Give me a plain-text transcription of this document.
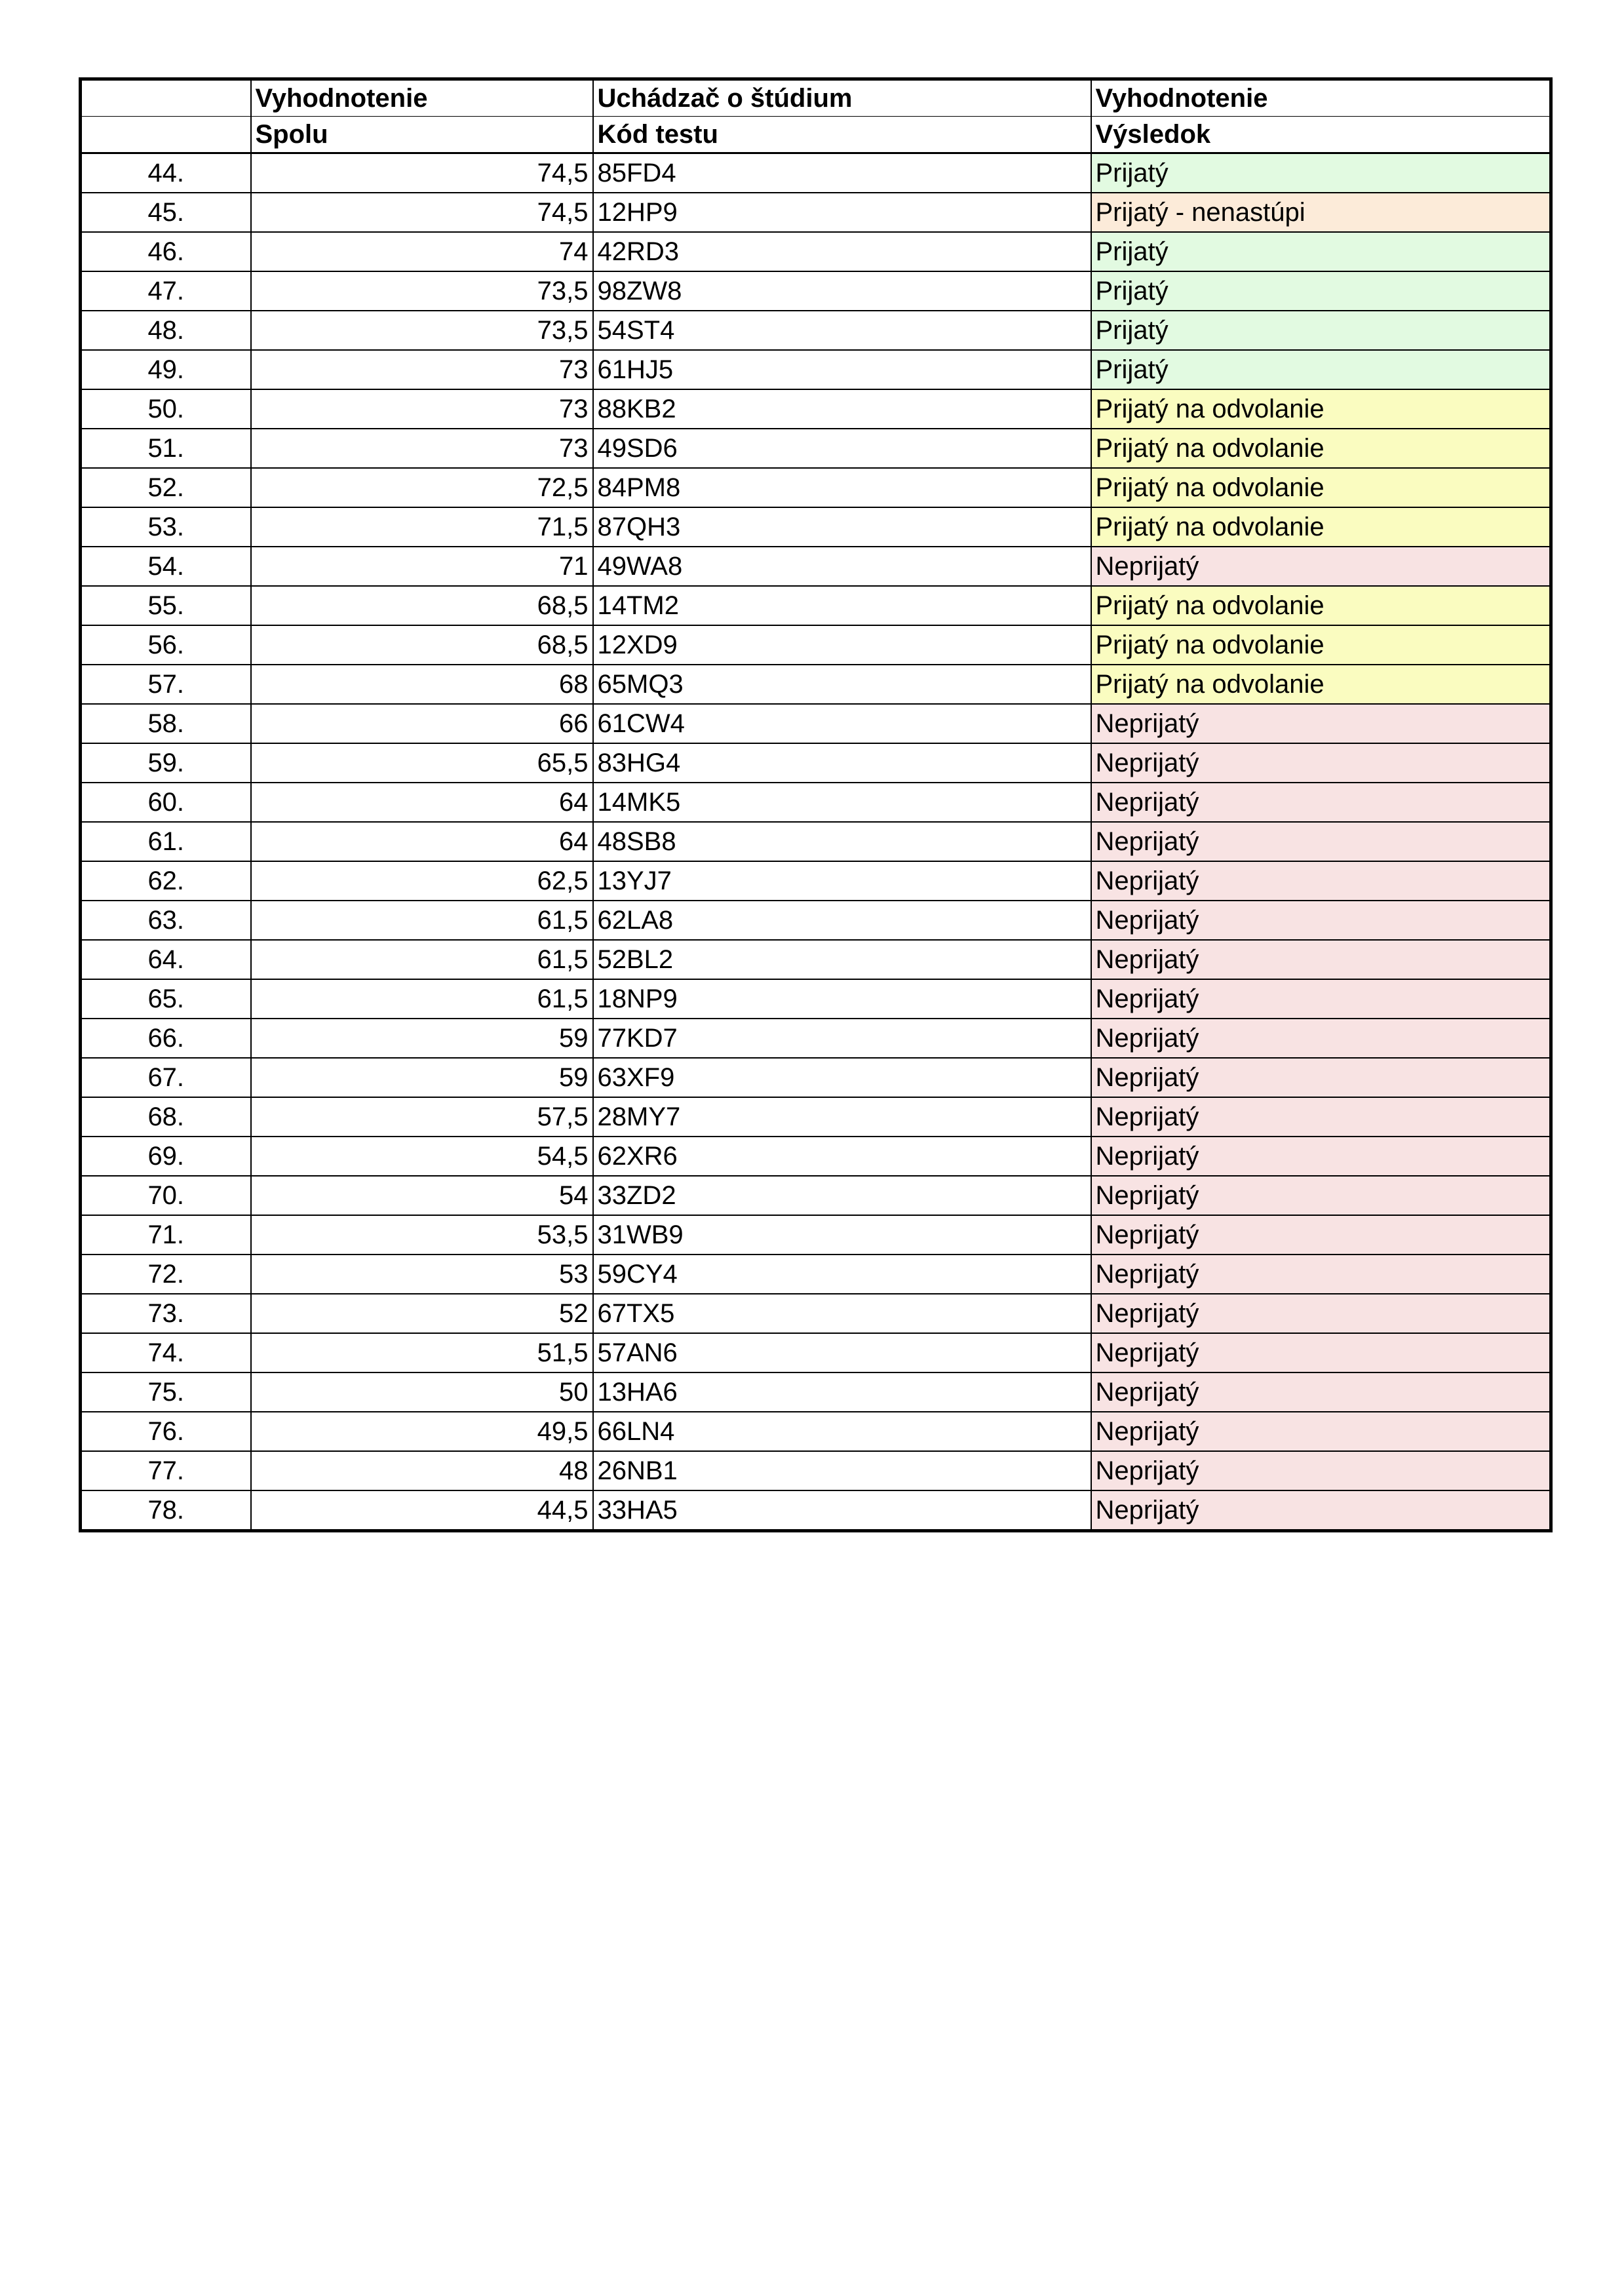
	Vyhodnotenie	Uchádzač o štúdium	Vyhodnotenie
	Spolu	Kód testu	Výsledok
44.	74,5	85FD4	Prijatý
45.	74,5	12HP9	Prijatý - nenastúpi
46.	74	42RD3	Prijatý
47.	73,5	98ZW8	Prijatý
48.	73,5	54ST4	Prijatý
49.	73	61HJ5	Prijatý
50.	73	88KB2	Prijatý na odvolanie
51.	73	49SD6	Prijatý na odvolanie
52.	72,5	84PM8	Prijatý na odvolanie
53.	71,5	87QH3	Prijatý na odvolanie
54.	71	49WA8	Neprijatý
55.	68,5	14TM2	Prijatý na odvolanie
56.	68,5	12XD9	Prijatý na odvolanie
57.	68	65MQ3	Prijatý na odvolanie
58.	66	61CW4	Neprijatý
59.	65,5	83HG4	Neprijatý
60.	64	14MK5	Neprijatý
61.	64	48SB8	Neprijatý
62.	62,5	13YJ7	Neprijatý
63.	61,5	62LA8	Neprijatý
64.	61,5	52BL2	Neprijatý
65.	61,5	18NP9	Neprijatý
66.	59	77KD7	Neprijatý
67.	59	63XF9	Neprijatý
68.	57,5	28MY7	Neprijatý
69.	54,5	62XR6	Neprijatý
70.	54	33ZD2	Neprijatý
71.	53,5	31WB9	Neprijatý
72.	53	59CY4	Neprijatý
73.	52	67TX5	Neprijatý
74.	51,5	57AN6	Neprijatý
75.	50	13HA6	Neprijatý
76.	49,5	66LN4	Neprijatý
77.	48	26NB1	Neprijatý
78.	44,5	33HA5	Neprijatý
